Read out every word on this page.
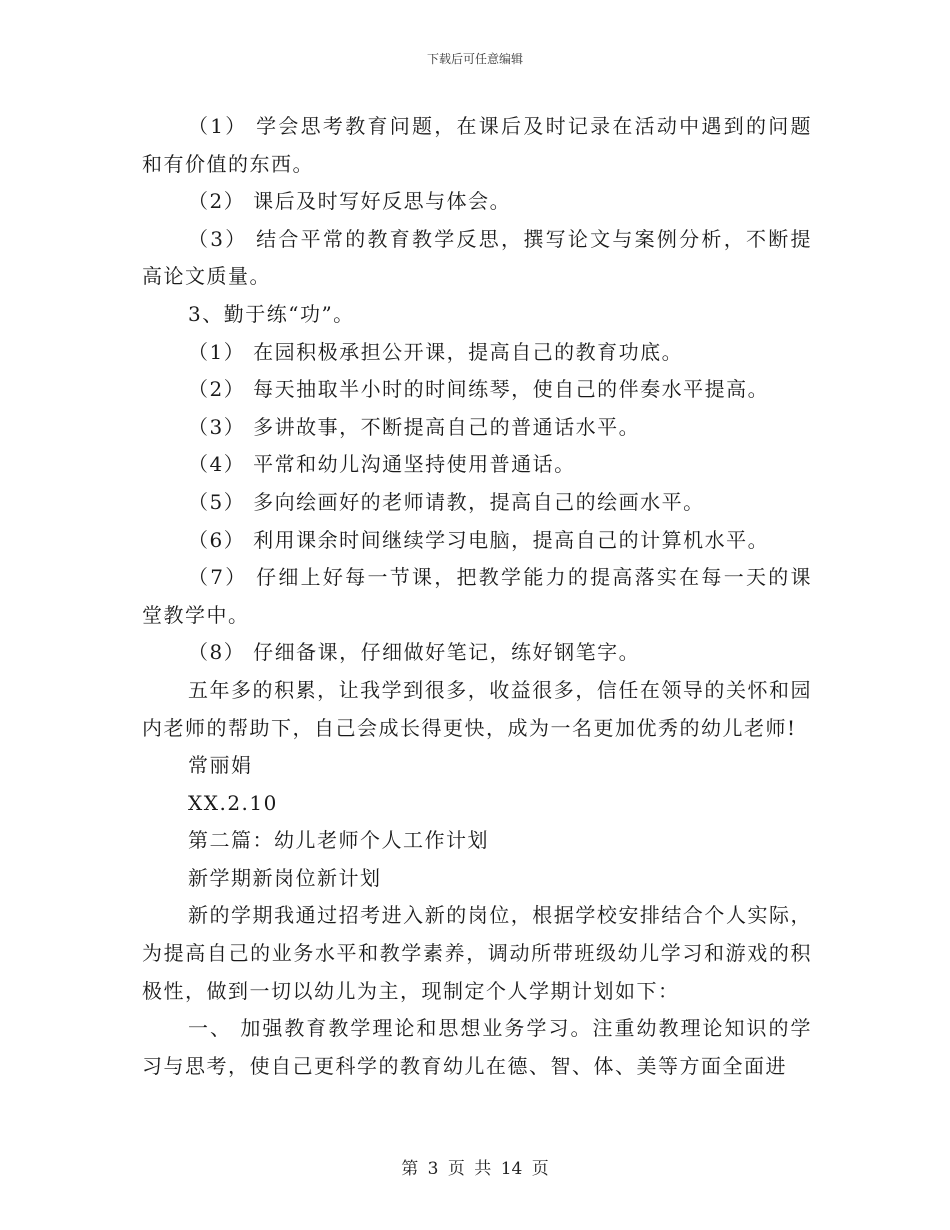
下载后可任意编辑

（1） 学会思考教育问题，在课后及时记录在活动中遇到的问题和有价值的东西。

（2） 课后及时写好反思与体会。

（3） 结合平常的教育教学反思，撰写论文与案例分析，不断提高论文质量。

3、勤于练“功”。

（1） 在园积极承担公开课，提高自己的教育功底。

（2） 每天抽取半小时的时间练琴，使自己的伴奏水平提高。

（3） 多讲故事，不断提高自己的普通话水平。

（4） 平常和幼儿沟通坚持使用普通话。

（5） 多向绘画好的老师请教，提高自己的绘画水平。

（6） 利用课余时间继续学习电脑，提高自己的计算机水平。

（7） 仔细上好每一节课，把教学能力的提高落实在每一天的课堂教学中。

（8） 仔细备课，仔细做好笔记，练好钢笔字。

五年多的积累，让我学到很多，收益很多，信任在领导的关怀和园内老师的帮助下，自己会成长得更快，成为一名更加优秀的幼儿老师!

常丽娟

XX.2.10

第二篇：幼儿老师个人工作计划

新学期新岗位新计划

新的学期我通过招考进入新的岗位，根据学校安排结合个人实际，为提高自己的业务水平和教学素养，调动所带班级幼儿学习和游戏的积极性，做到一切以幼儿为主，现制定个人学期计划如下：

一、 加强教育教学理论和思想业务学习。注重幼教理论知识的学习与思考，使自己更科学的教育幼儿在德、智、体、美等方面全面进

第 3 页 共 14 页
